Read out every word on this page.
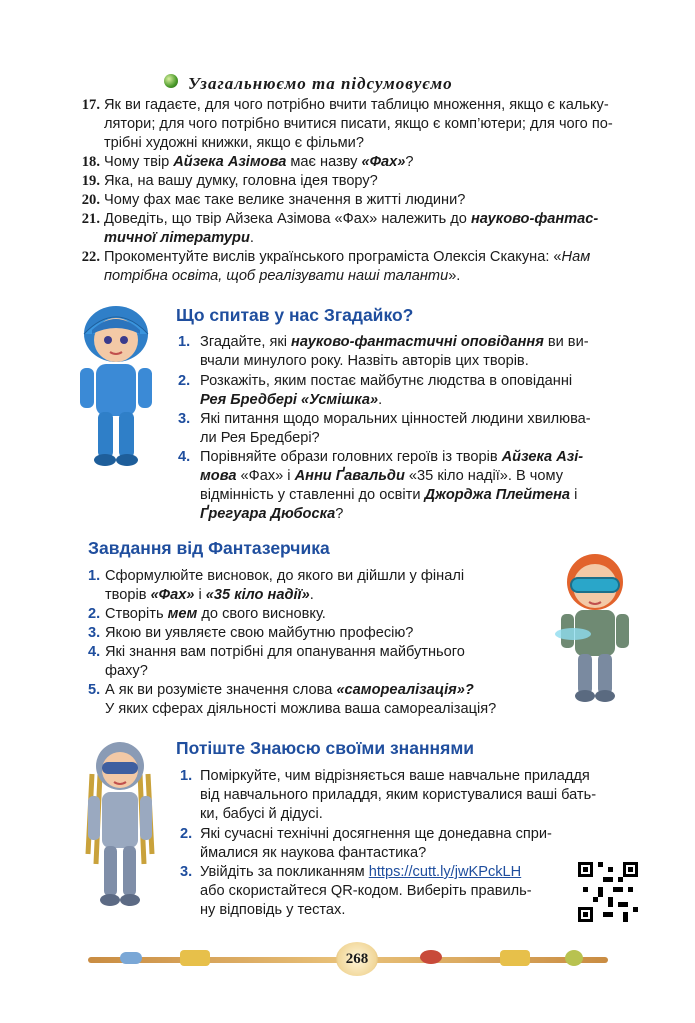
Узагальнюємо та підсумовуємо
17. Як ви гадаєте, для чого потрібно вчити таблицю множення, якщо є кальку-
лятори; для чого потрібно вчитися писати, якщо є комп’ютери; для чого по-
трібні художні книжки, якщо є фільми?
18. Чому твір Айзека Азімова має назву «Фах»?
19. Яка, на вашу думку, головна ідея твору?
20. Чому фах має таке велике значення в житті людини?
21. Доведіть, що твір Айзека Азімова «Фах» належить до науково-фантас-
тичної літератури.
22. Прокоментуйте вислів українського програміста Олексія Скакуна: «Нам
потрібна освіта, щоб реалізувати наші таланти».
Що спитав у нас Згадайко?
1. Згадайте, які науково-фантастичні оповідання ви ви-
вчали минулого року. Назвіть авторів цих творів.
2. Розкажіть, яким постає майбутнє людства в оповіданні
Рея Бредбері «Усмішка».
3. Які питання щодо моральних цінностей людини хвилюва-
ли Рея Бредбері?
4. Порівняйте образи головних героїв із творів Айзека Азі-
мова «Фах» і Анни Ґавальди «35 кіло надії». В чому
відмінність у ставленні до освіти Джорджа Плейтена і
Ґрегуара Дюбоска?
Завдання від Фантазерчика
1. Сформулюйте висновок, до якого ви дійшли у фіналі
творів «Фах» і «35 кіло надії».
2. Створіть мем до свого висновку.
3. Якою ви уявляєте свою майбутню професію?
4. Які знання вам потрібні для опанування майбутнього
фаху?
5. А як ви розумієте значення слова «самореалізація»?
У яких сферах діяльності можлива ваша самореалізація?
Потіште Знаюсю своїми знаннями
1. Поміркуйте, чим відрізняється ваше навчальне приладдя
від навчального приладдя, яким користувалися ваші бать-
ки, бабусі й дідусі.
2. Які сучасні технічні досягнення ще донедавна спри-
ймалися як наукова фантастика?
3. Увійдіть за покликанням https://cutt.ly/jwKPckLH
або скористайтеся QR-кодом. Виберіть правиль-
ну відповідь у тестах.
268
